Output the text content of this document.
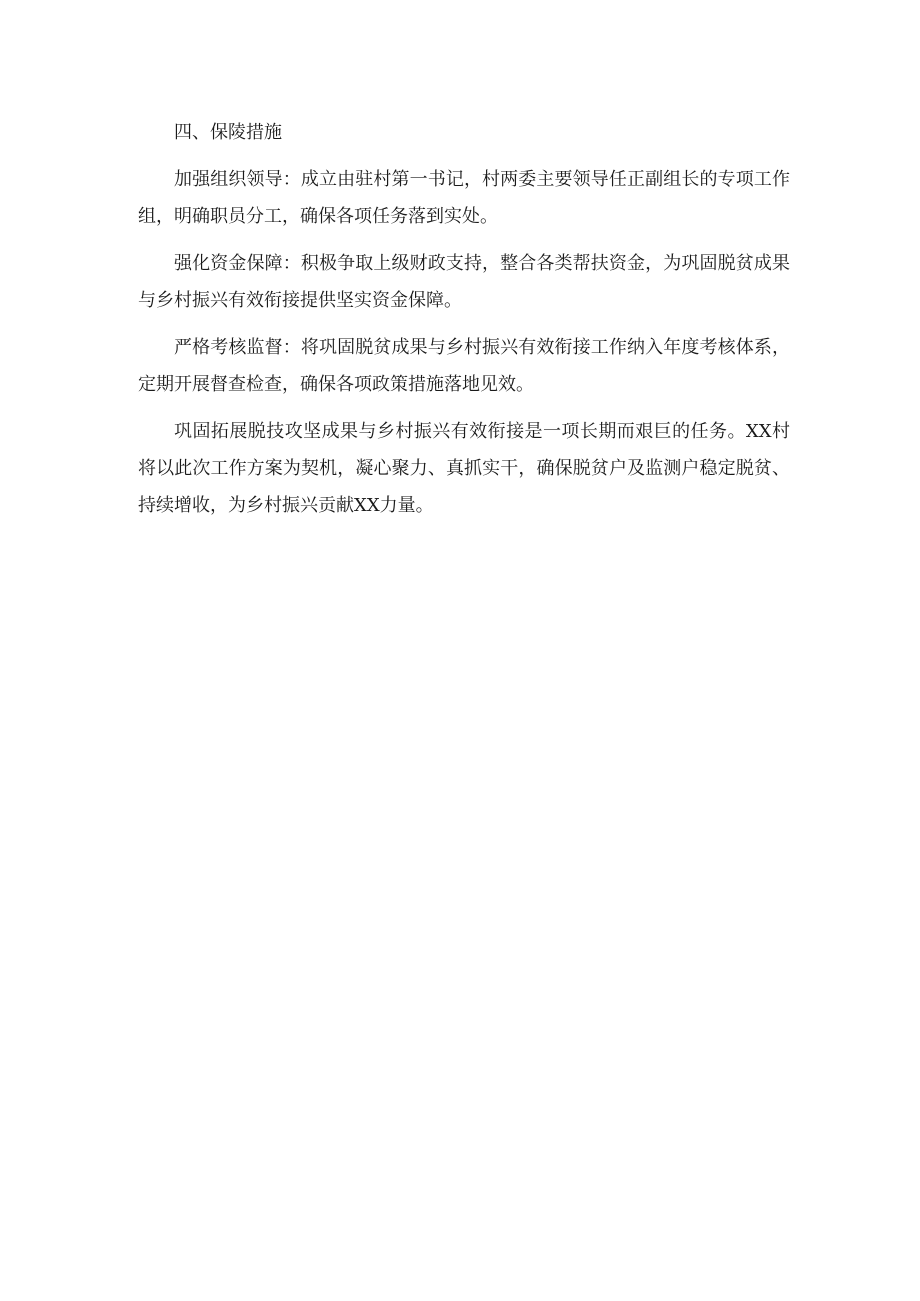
四、保陵措施

加强组织领导：成立由驻村第一书记，村两委主要领导任正副组长的专项工作组，明确职员分工，确保各项任务落到实处。

强化资金保障：积极争取上级财政支持，整合各类帮扶资金，为巩固脱贫成果与乡村振兴有效衔接提供坚实资金保障。

严格考核监督：将巩固脱贫成果与乡村振兴有效衔接工作纳入年度考核体系，定期开展督查检查，确保各项政策措施落地见效。

巩固拓展脱技攻坚成果与乡村振兴有效衔接是一项长期而艰巨的任务。XX村将以此次工作方案为契机，凝心聚力、真抓实干，确保脱贫户及监测户稳定脱贫、持续增收，为乡村振兴贡献XX力量。
